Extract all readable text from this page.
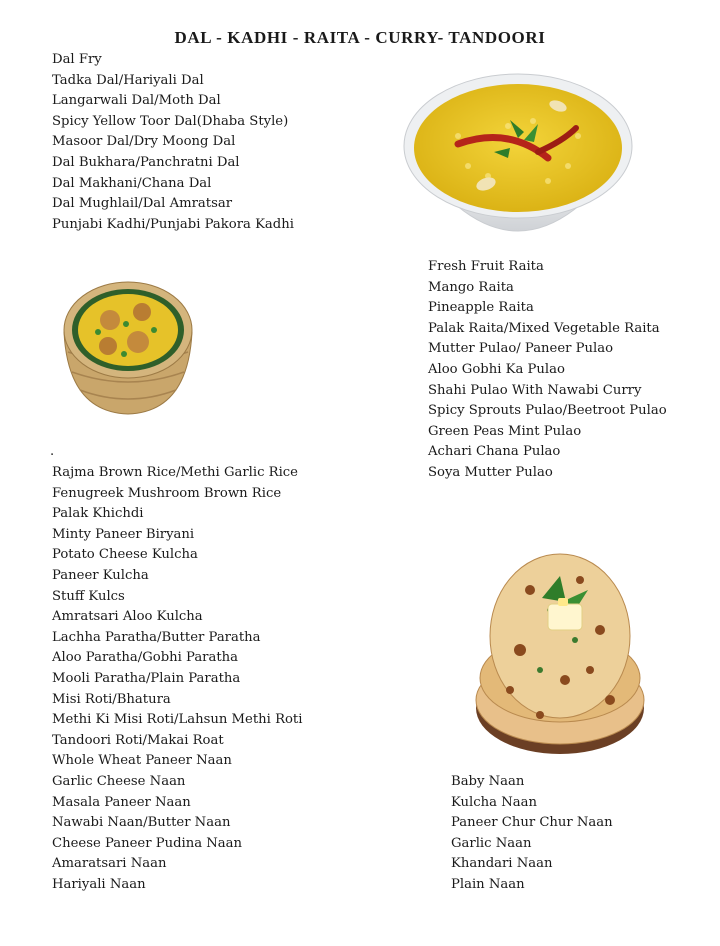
DAL - KADHI - RAITA - CURRY- TANDOORI
Dal Fry
Tadka Dal/Hariyali Dal
Langarwali Dal/Moth Dal
Spicy Yellow Toor Dal(Dhaba Style)
Masoor Dal/Dry Moong Dal
Dal Bukhara/Panchratni Dal
Dal Makhani/Chana Dal
Dal Mughlail/Dal Amratsar
Punjabi Kadhi/Punjabi Pakora Kadhi
Fresh Fruit Raita
Mango Raita
Pineapple Raita
Palak Raita/Mixed Vegetable Raita
Mutter Pulao/ Paneer Pulao
Aloo Gobhi Ka Pulao
Shahi Pulao With Nawabi Curry
Spicy Sprouts Pulao/Beetroot Pulao
Green Peas Mint Pulao
Achari Chana Pulao
Soya Mutter Pulao
.
Rajma Brown Rice/Methi Garlic Rice
Fenugreek Mushroom Brown Rice
Palak Khichdi
Minty Paneer Biryani
Potato Cheese Kulcha
Paneer Kulcha
Stuff Kulcs
Amratsari Aloo Kulcha
Lachha Paratha/Butter Paratha
Aloo Paratha/Gobhi Paratha
Mooli Paratha/Plain Paratha
Misi Roti/Bhatura
Methi Ki Misi Roti/Lahsun Methi Roti
Tandoori Roti/Makai Roat
Whole Wheat Paneer Naan
Garlic Cheese Naan
Masala Paneer Naan
Nawabi Naan/Butter Naan
Cheese Paneer Pudina Naan
Amaratsari Naan
Hariyali Naan
Baby Naan
Kulcha Naan
Paneer Chur Chur Naan
Garlic Naan
Khandari Naan
Plain Naan
